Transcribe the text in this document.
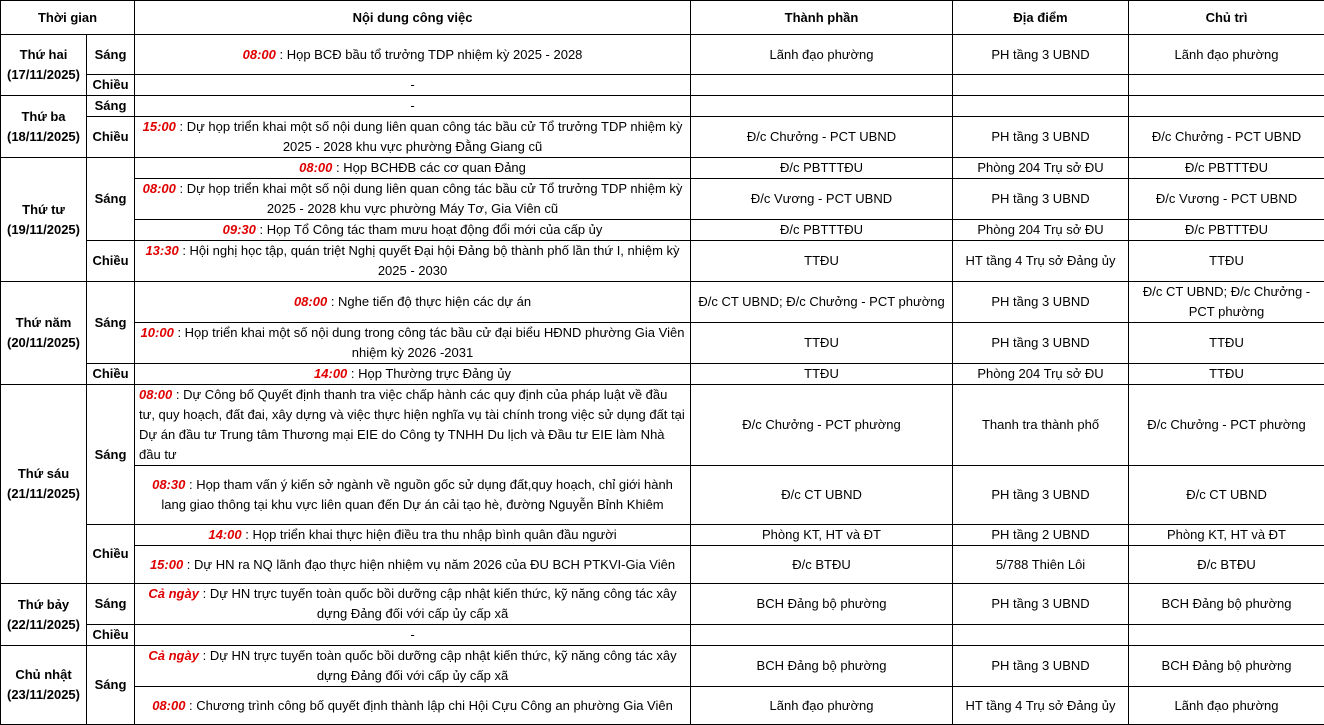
Thời gian		Nội dung công việc	Thành phần	Địa điểm	Chủ trì
Thứ hai
(17/11/2025)	Sáng	08:00 : Họp BCĐ bầu tổ trưởng TDP nhiệm kỳ 2025 - 2028	Lãnh đạo phường	PH tầng 3 UBND	Lãnh đạo phường
	Chiều	-			
Thứ ba
(18/11/2025)	Sáng	-			
	Chiều	15:00 : Dự họp triển khai một số nội dung liên quan công tác bầu cử Tổ trưởng TDP nhiệm kỳ 2025 - 2028 khu vực phường Đằng Giang cũ	Đ/c Chưởng - PCT UBND	PH tầng 3 UBND	Đ/c Chưởng - PCT UBND
Thứ tư
(19/11/2025)	Sáng	08:00 : Họp BCHĐB các cơ quan Đảng	Đ/c PBTTTĐU	Phòng 204 Trụ sở ĐU	Đ/c PBTTTĐU
		08:00 : Dự họp triển khai một số nội dung liên quan công tác bầu cử Tổ trưởng TDP nhiệm kỳ 2025 - 2028 khu vực phường Máy Tơ, Gia Viên cũ	Đ/c Vương - PCT UBND	PH tầng 3 UBND	Đ/c Vương - PCT UBND
		09:30 : Họp Tổ Công tác tham mưu hoạt động đổi mới của cấp ủy	Đ/c PBTTTĐU	Phòng 204 Trụ sở ĐU	Đ/c PBTTTĐU
	Chiều	13:30 : Hội nghị học tập, quán triệt Nghị quyết Đại hội Đảng bộ thành phố lần thứ I, nhiệm kỳ 2025 - 2030	TTĐU	HT tầng 4 Trụ sở Đảng ủy	TTĐU
Thứ năm
(20/11/2025)	Sáng	08:00 : Nghe tiến độ thực hiện các dự án	Đ/c CT UBND; Đ/c Chưởng - PCT phường	PH tầng 3 UBND	Đ/c CT UBND; Đ/c Chưởng - PCT phường
		10:00 : Họp triển khai một số nội dung trong công tác bầu cử đại biểu HĐND phường Gia Viên nhiệm kỳ 2026 -2031	TTĐU	PH tầng 3 UBND	TTĐU
	Chiều	14:00 : Họp Thường trực Đảng ủy	TTĐU	Phòng 204 Trụ sở ĐU	TTĐU
Thứ sáu
(21/11/2025)	Sáng	08:00 : Dự Công bố Quyết định thanh tra việc chấp hành các quy định của pháp luật về đầu tư, quy hoạch, đất đai, xây dựng và việc thực hiện nghĩa vụ tài chính trong việc sử dụng đất tại Dự án đầu tư Trung tâm Thương mại EIE do Công ty TNHH Du lịch và Đầu tư EIE làm Nhà đầu tư	Đ/c Chưởng - PCT phường	Thanh tra thành phố	Đ/c Chưởng - PCT phường
		08:30 : Họp tham vấn ý kiến sở ngành về nguồn gốc sử dụng đất,quy hoạch, chỉ giới hành lang giao thông tại khu vực liên quan đến Dự án cải tạo hè, đường Nguyễn Bỉnh Khiêm	Đ/c CT UBND	PH tầng 3 UBND	Đ/c CT UBND
	Chiều	14:00 : Họp triển khai thực hiện điều tra thu nhập bình quân đầu người	Phòng KT, HT và ĐT	PH tầng 2 UBND	Phòng KT, HT và ĐT
		15:00 : Dự HN ra NQ lãnh đạo thực hiện nhiệm vụ năm 2026 của ĐU BCH PTKVI-Gia Viên	Đ/c BTĐU	5/788 Thiên Lôi	Đ/c BTĐU
Thứ bảy
(22/11/2025)	Sáng	Cả ngày : Dự HN trực tuyến toàn quốc bồi dưỡng cập nhật kiến thức, kỹ năng công tác xây dựng Đảng đối với cấp ủy cấp xã	BCH Đảng bộ phường	PH tầng 3 UBND	BCH Đảng bộ phường
	Chiều	-			
Chủ nhật
(23/11/2025)	Sáng	Cả ngày : Dự HN trực tuyến toàn quốc bồi dưỡng cập nhật kiến thức, kỹ năng công tác xây dựng Đảng đối với cấp ủy cấp xã	BCH Đảng bộ phường	PH tầng 3 UBND	BCH Đảng bộ phường
		08:00 : Chương trình công bố quyết định thành lập chi Hội Cựu Công an phường Gia Viên	Lãnh đạo phường	HT tầng 4 Trụ sở Đảng ủy	Lãnh đạo phường
